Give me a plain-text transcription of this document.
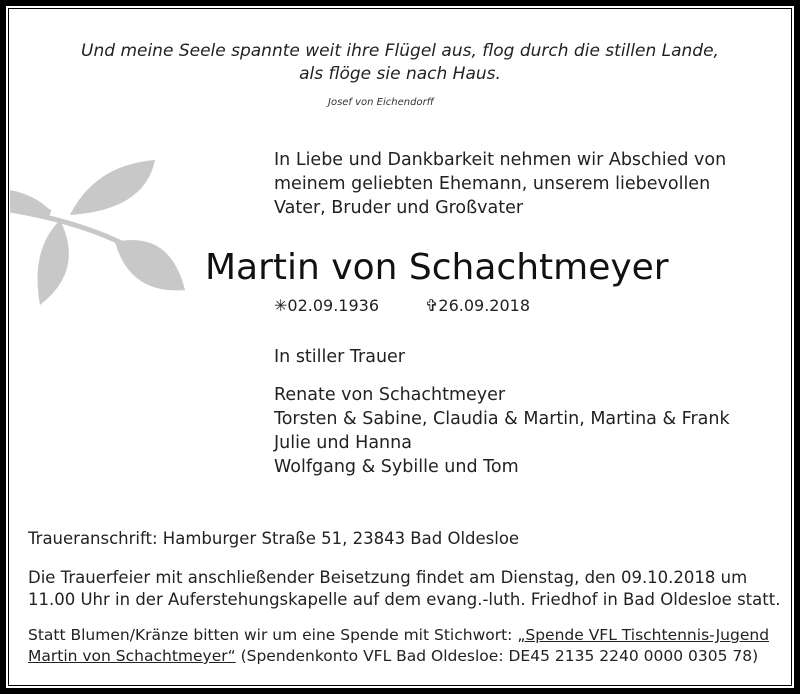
Und meine Seele spannte weit ihre Flügel aus, flog durch die stillen Lande,
als flöge sie nach Haus.
Josef von Eichendorff
In Liebe und Dankbarkeit nehmen wir Abschied von
meinem geliebten Ehemann, unserem liebevollen
Vater, Bruder und Großvater
Martin von Schachtmeyer
✳02.09.1936	✞26.09.2018
In stiller Trauer
Renate von Schachtmeyer
Torsten & Sabine, Claudia & Martin, Martina & Frank
Julie und Hanna
Wolfgang & Sybille und Tom
Traueranschrift: Hamburger Straße 51, 23843 Bad Oldesloe
Die Trauerfeier mit anschließender Beisetzung findet am Dienstag, den 09.10.2018 um
11.00 Uhr in der Auferstehungskapelle auf dem evang.-luth. Friedhof in Bad Oldesloe statt.
Statt Blumen/Kränze bitten wir um eine Spende mit Stichwort: „Spende VFL Tischtennis-Jugend
Martin von Schachtmeyer“ (Spendenkonto VFL Bad Oldesloe: DE45 2135 2240 0000 0305 78)
